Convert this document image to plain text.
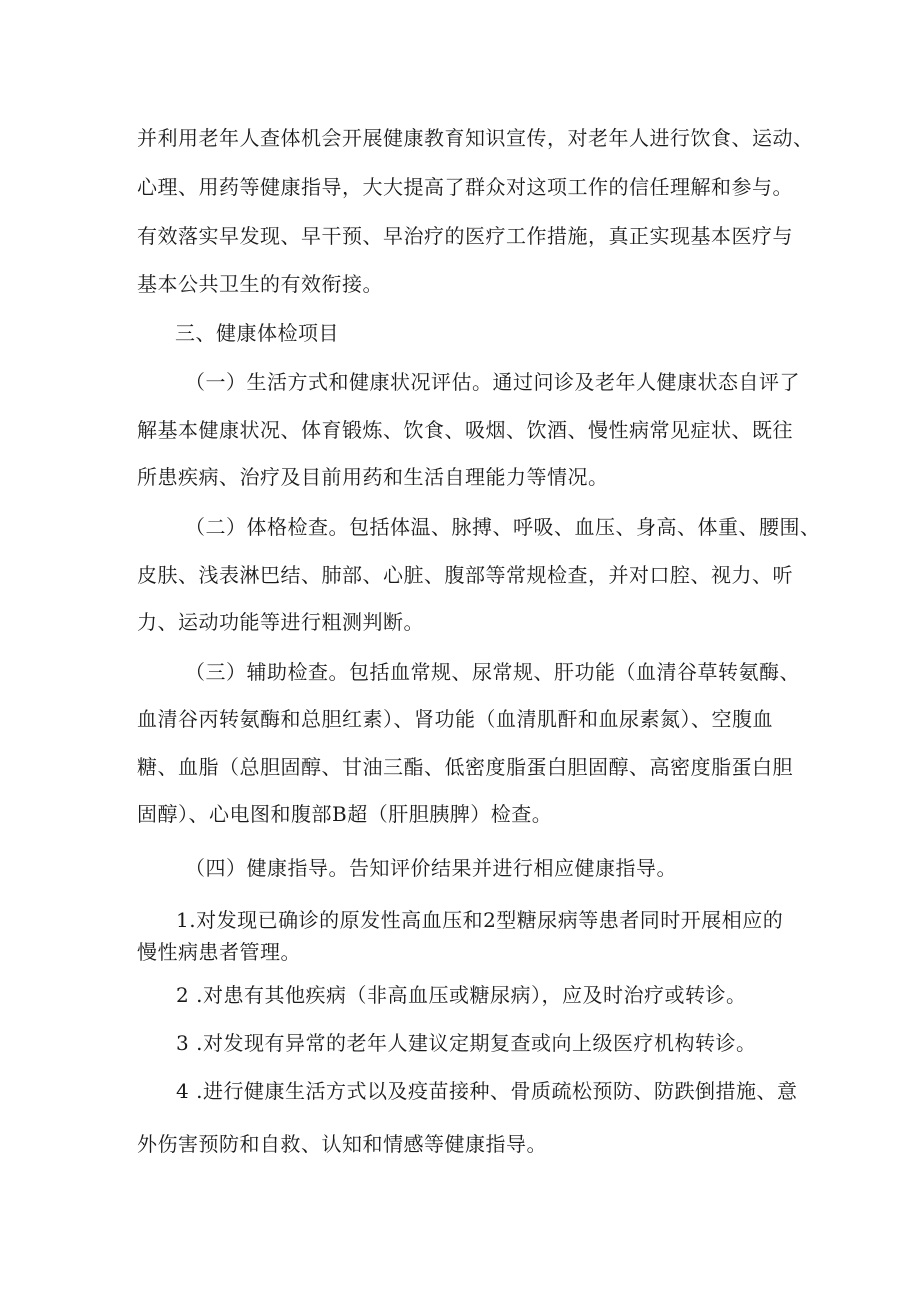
并利用老年人查体机会开展健康教育知识宣传，对老年人进行饮食、运动、
心理、用药等健康指导，大大提高了群众对这项工作的信任理解和参与。
有效落实早发现、早干预、早治疗的医疗工作措施，真正实现基本医疗与
基本公共卫生的有效衔接。
三、健康体检项目
（一）生活方式和健康状况评估。通过问诊及老年人健康状态自评了
解基本健康状况、体育锻炼、饮食、吸烟、饮酒、慢性病常见症状、既往
所患疾病、治疗及目前用药和生活自理能力等情况。
（二）体格检查。包括体温、脉搏、呼吸、血压、身高、体重、腰围、
皮肤、浅表淋巴结、肺部、心脏、腹部等常规检查，并对口腔、视力、听
力、运动功能等进行粗测判断。
（三）辅助检查。包括血常规、尿常规、肝功能（血清谷草转氨酶、
血清谷丙转氨酶和总胆红素）、肾功能（血清肌酐和血尿素氮）、空腹血
糖、血脂（总胆固醇、甘油三酯、低密度脂蛋白胆固醇、高密度脂蛋白胆
固醇）、心电图和腹部B超（肝胆胰脾）检查。
（四）健康指导。告知评价结果并进行相应健康指导。
1.对发现已确诊的原发性高血压和2型糖尿病等患者同时开展相应的
慢性病患者管理。
2 .对患有其他疾病（非高血压或糖尿病），应及时治疗或转诊。
3 .对发现有异常的老年人建议定期复查或向上级医疗机构转诊。
4 .进行健康生活方式以及疫苗接种、骨质疏松预防、防跌倒措施、意
外伤害预防和自救、认知和情感等健康指导。
